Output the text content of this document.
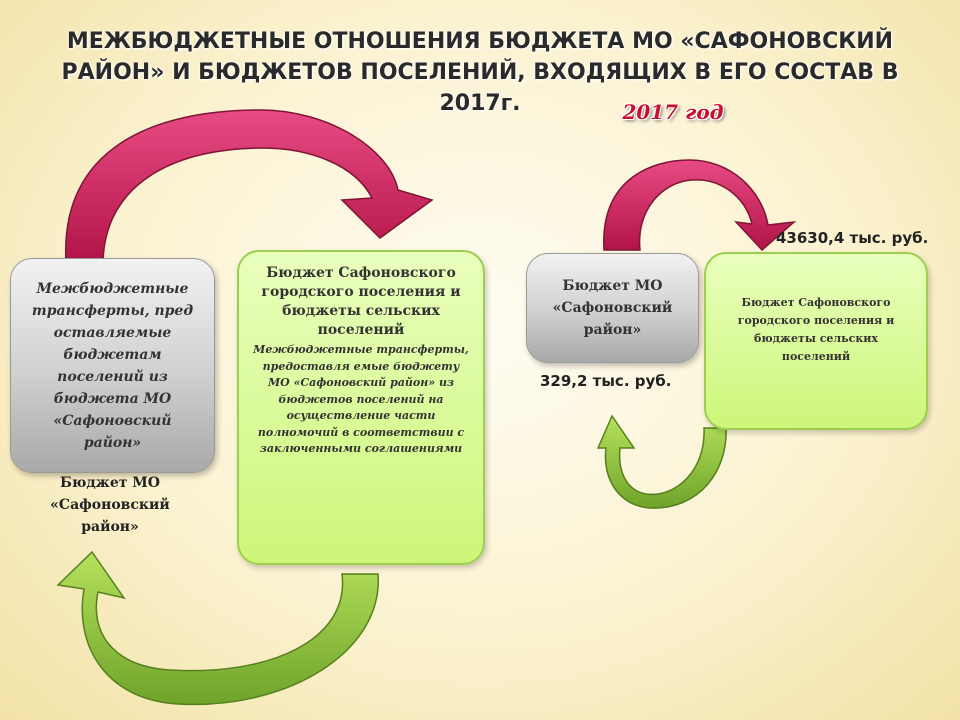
МЕЖБЮДЖЕТНЫЕ ОТНОШЕНИЯ БЮДЖЕТА МО «САФОНОВСКИЙ РАЙОН» И БЮДЖЕТОВ ПОСЕЛЕНИЙ, ВХОДЯЩИХ В ЕГО СОСТАВ В 2017г.	2017 год
Межбюджетные трансферты, пред оставляемые бюджетам поселений из бюджета МО «Сафоновский район»
Бюджет МО «Сафоновский район»
Бюджет Сафоновского городского поселения и бюджеты сельских поселений
Межбюджетные трансферты, предоставля емые бюджету МО «Сафоновский район» из бюджетов поселений на осуществление части полномочий в соответствии с заключенными соглашениями
Бюджет МО «Сафоновский район»
Бюджет Сафоновского городского поселения и бюджеты сельских поселений
43630,4 тыс. руб.
329,2 тыс. руб.
